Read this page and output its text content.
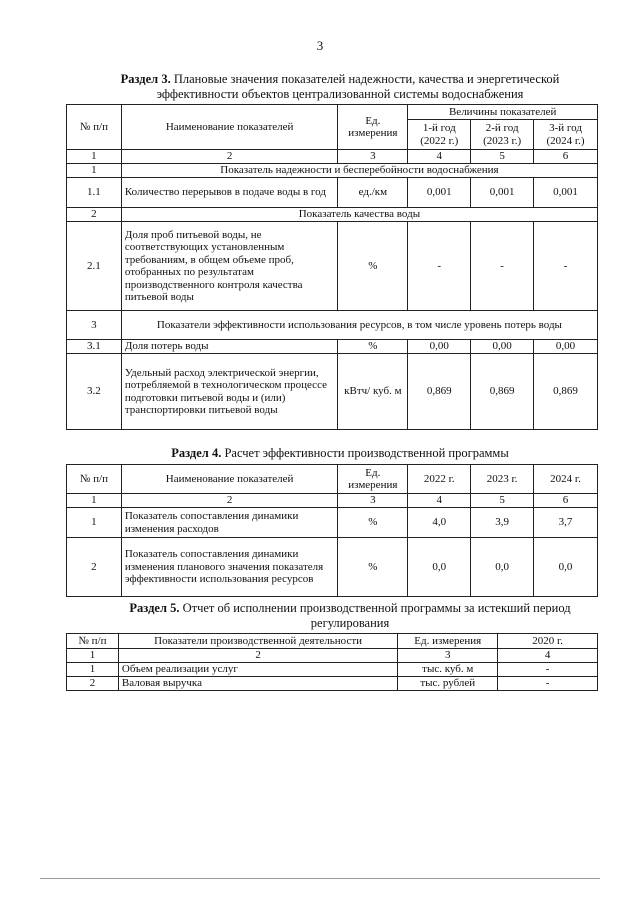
3
Раздел 3. Плановые значения показателей надежности, качества и энергетической эффективности объектов централизованной системы водоснабжения
№ п/п	Наименование показателей	Ед. измерения	Величины показателей		
			1-й год (2022 г.)	2-й год (2023 г.)	3-й год (2024 г.)
1	2	3	4	5	6
1	Показатель надежности и бесперебойности водоснабжения				
1.1	Количество перерывов в подаче воды в год	ед./км	0,001	0,001	0,001
2	Показатель качества воды				
2.1	Доля проб питьевой воды, не соответствующих установленным требованиям, в общем объеме проб, отобранных по результатам производственного контроля качества питьевой воды	%	-	-	-
3	Показатели эффективности использования ресурсов, в том числе уровень потерь воды				
3.1	Доля потерь воды	%	0,00	0,00	0,00
3.2	Удельный расход электрической энергии, потребляемой в технологическом процессе подготовки питьевой воды и (или) транспортировки питьевой воды	кВтч/ куб. м	0,869	0,869	0,869
Раздел 4. Расчет эффективности производственной программы
№ п/п	Наименование показателей	Ед. измерения	2022 г.	2023 г.	2024 г.
1	2	3	4	5	6
1	Показатель сопоставления динамики изменения расходов	%	4,0	3,9	3,7
2	Показатель сопоставления динамики изменения планового значения показателя эффективности использования ресурсов	%	0,0	0,0	0,0
Раздел 5. Отчет об исполнении производственной программы за истекший период регулирования
№ п/п	Показатели производственной деятельности	Ед. измерения	2020 г.
1	2	3	4
1	Объем реализации услуг	тыс. куб. м	-
2	Валовая выручка	тыс. рублей	-
